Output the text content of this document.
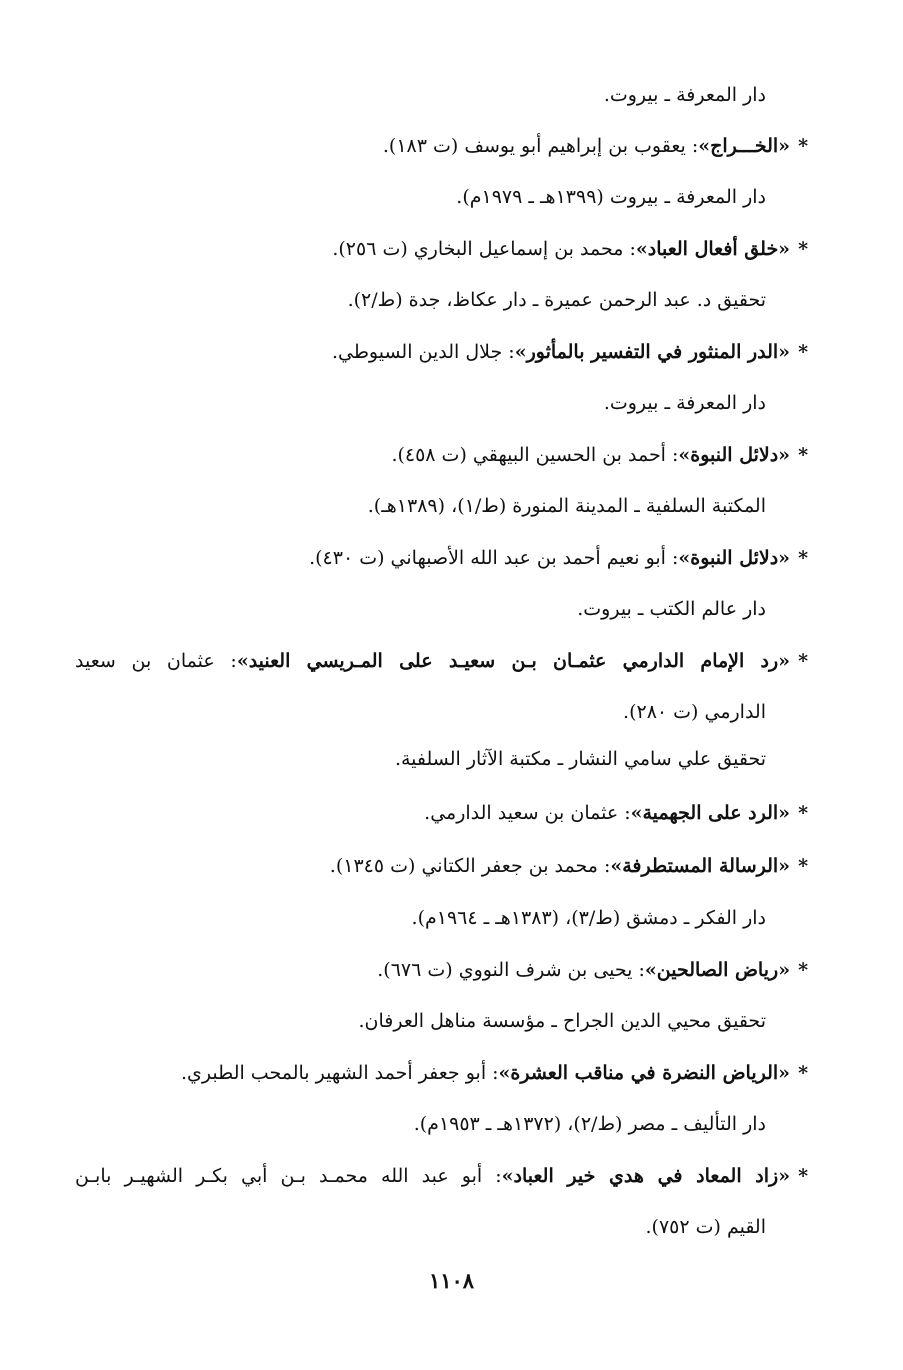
دار المعرفة ـ بيروت.
*«الخـــراج»: يعقوب بن إبراهيم أبو يوسف (ت ١٨٣).
دار المعرفة ـ بيروت (١٣٩٩هـ ـ ١٩٧٩م).
*«خلق أفعال العباد»: محمد بن إسماعيل البخاري (ت ٢٥٦).
تحقيق د. عبد الرحمن عميرة ـ دار عكاظ، جدة (ط/٢).
*«الدر المنثور في التفسير بالمأثور»: جلال الدين السيوطي.
دار المعرفة ـ بيروت.
*«دلائل النبوة»: أحمد بن الحسين البيهقي (ت ٤٥٨).
المكتبة السلفية ـ المدينة المنورة (ط/١)، (١٣٨٩هـ).
*«دلائل النبوة»: أبو نعيم أحمد بن عبد الله الأصبهاني (ت ٤٣٠).
دار عالم الكتب ـ بيروت.
*«رد الإمام الدارمي عثمـان بـن سعيـد على المـريسي العنيد»: عثمان بن سعيد
الدارمي (ت ٢٨٠).
تحقيق علي سامي النشار ـ مكتبة الآثار السلفية.
*«الرد على الجهمية»: عثمان بن سعيد الدارمي.
*«الرسالة المستطرفة»: محمد بن جعفر الكتاني (ت ١٣٤٥).
دار الفكر ـ دمشق (ط/٣)، (١٣٨٣هـ ـ ١٩٦٤م).
*«رياض الصالحين»: يحيى بن شرف النووي (ت ٦٧٦).
تحقيق محيي الدين الجراح ـ مؤسسة مناهل العرفان.
*«الرياض النضرة في مناقب العشرة»: أبو جعفر أحمد الشهير بالمحب الطبري.
دار التأليف ـ مصر (ط/٢)، (١٣٧٢هـ ـ ١٩٥٣م).
*«زاد المعاد في هدي خير العباد»: أبو عبد الله محمـد بـن أبي بكـر الشهيـر بابـن
القيم (ت ٧٥٢).
١١٠٨
